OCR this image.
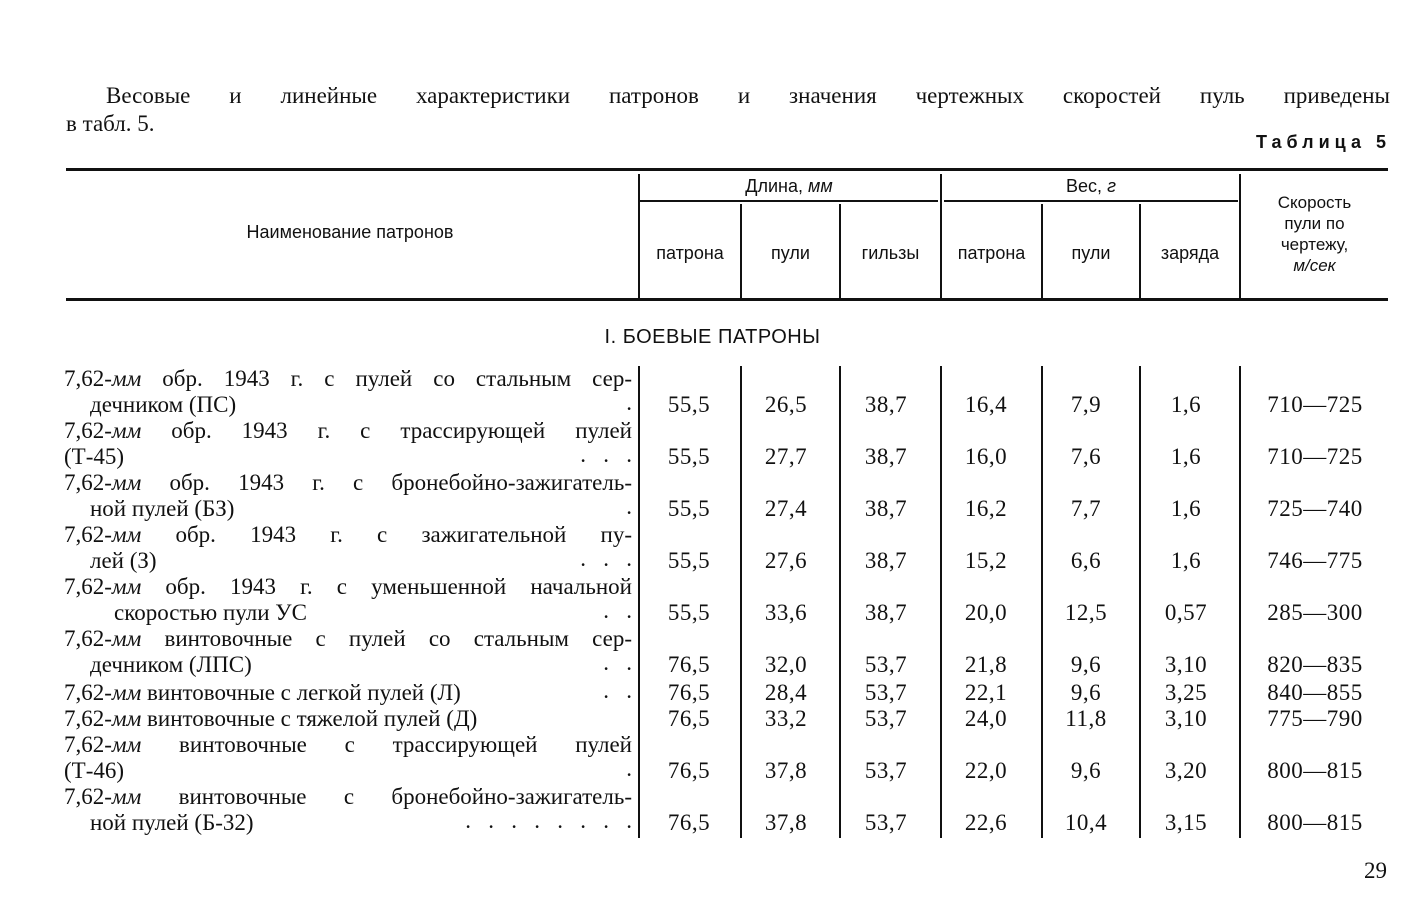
Весовые и линейные характеристики патронов и значения чертежных скоростей пуль приведены
в табл. 5.
Таблица 5
Наименование патронов
Длина, мм	Вес, г
патрона	пули	гильзы	патрона	пули	заряда
Скорость
пули по
чертежу,
м/сек
I. БОЕВЫЕ ПАТРОНЫ
7,62-мм обр. 1943 г. с пулей со стальным сер-
дечником (ПС)	.	55,5	26,5	38,7	16,4	7,9	1,6	710—725
7,62-мм обр. 1943 г. с трассирующей пулей
(Т-45)	.   .   .	55,5	27,7	38,7	16,0	7,6	1,6	710—725
7,62-мм обр. 1943 г. с бронебойно-зажигатель-
ной пулей (БЗ)	.	55,5	27,4	38,7	16,2	7,7	1,6	725—740
7,62-мм обр. 1943 г. с зажигательной пу-
лей (З)	.   .   .	55,5	27,6	38,7	15,2	6,6	1,6	746—775
7,62-мм обр. 1943 г. с уменьшенной начальной
скоростью пули УС	.   .	55,5	33,6	38,7	20,0	12,5	0,57	285—300
7,62-мм винтовочные с пулей со стальным сер-
дечником (ЛПС)	.   .	76,5	32,0	53,7	21,8	9,6	3,10	820—835
7,62-мм винтовочные с легкой пулей (Л)	.   .	76,5	28,4	53,7	22,1	9,6	3,25	840—855
7,62-мм винтовочные с тяжелой пулей (Д)	76,5	33,2	53,7	24,0	11,8	3,10	775—790
7,62-мм винтовочные с трассирующей пулей
(Т-46)	.	76,5	37,8	53,7	22,0	9,6	3,20	800—815
7,62-мм винтовочные с бронебойно-зажигатель-
ной пулей (Б-32)	.   .   .   .   .   .   .   .	76,5	37,8	53,7	22,6	10,4	3,15	800—815
29
